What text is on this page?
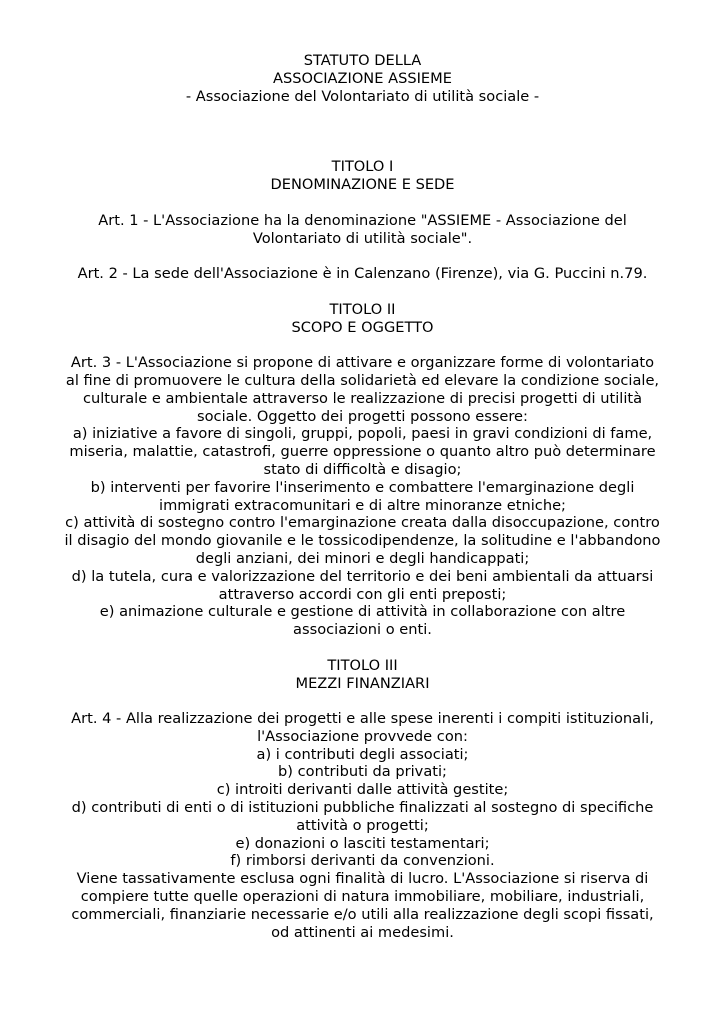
STATUTO DELLA
ASSOCIAZIONE ASSIEME
- Associazione del Volontariato di utilità sociale -
TITOLO I
DENOMINAZIONE E SEDE
Art. 1 - L'Associazione ha la denominazione "ASSIEME - Associazione del
Volontariato di utilità sociale".
Art. 2 - La sede dell'Associazione è in Calenzano (Firenze), via G. Puccini n.79.
TITOLO II
SCOPO E OGGETTO
Art. 3 - L'Associazione si propone di attivare e organizzare forme di volontariato
al fine di promuovere le cultura della solidarietà ed elevare la condizione sociale,
culturale e ambientale attraverso le realizzazione di precisi progetti di utilità
sociale. Oggetto dei progetti possono essere:
a) iniziative a favore di singoli, gruppi, popoli, paesi in gravi condizioni di fame,
miseria, malattie, catastrofi, guerre oppressione o quanto altro può determinare
stato di difficoltà e disagio;
b) interventi per favorire l'inserimento e combattere l'emarginazione degli
immigrati extracomunitari e di altre minoranze etniche;
c) attività di sostegno contro l'emarginazione creata dalla disoccupazione, contro
il disagio del mondo giovanile e le tossicodipendenze, la solitudine e l'abbandono
degli anziani, dei minori e degli handicappati;
d) la tutela, cura e valorizzazione del territorio e dei beni ambientali da attuarsi
attraverso accordi con gli enti preposti;
e) animazione culturale e gestione di attività in collaborazione con altre
associazioni o enti.
TITOLO III
MEZZI FINANZIARI
Art. 4 - Alla realizzazione dei progetti e alle spese inerenti i compiti istituzionali,
l'Associazione provvede con:
a) i contributi degli associati;
b) contributi da privati;
c) introiti derivanti dalle attività gestite;
d) contributi di enti o di istituzioni pubbliche finalizzati al sostegno di specifiche
attività o progetti;
e) donazioni o lasciti testamentari;
f) rimborsi derivanti da convenzioni.
Viene tassativamente esclusa ogni finalità di lucro. L'Associazione si riserva di
compiere tutte quelle operazioni di natura immobiliare, mobiliare, industriali,
commerciali, finanziarie necessarie e/o utili alla realizzazione degli scopi fissati,
od attinenti ai medesimi.
